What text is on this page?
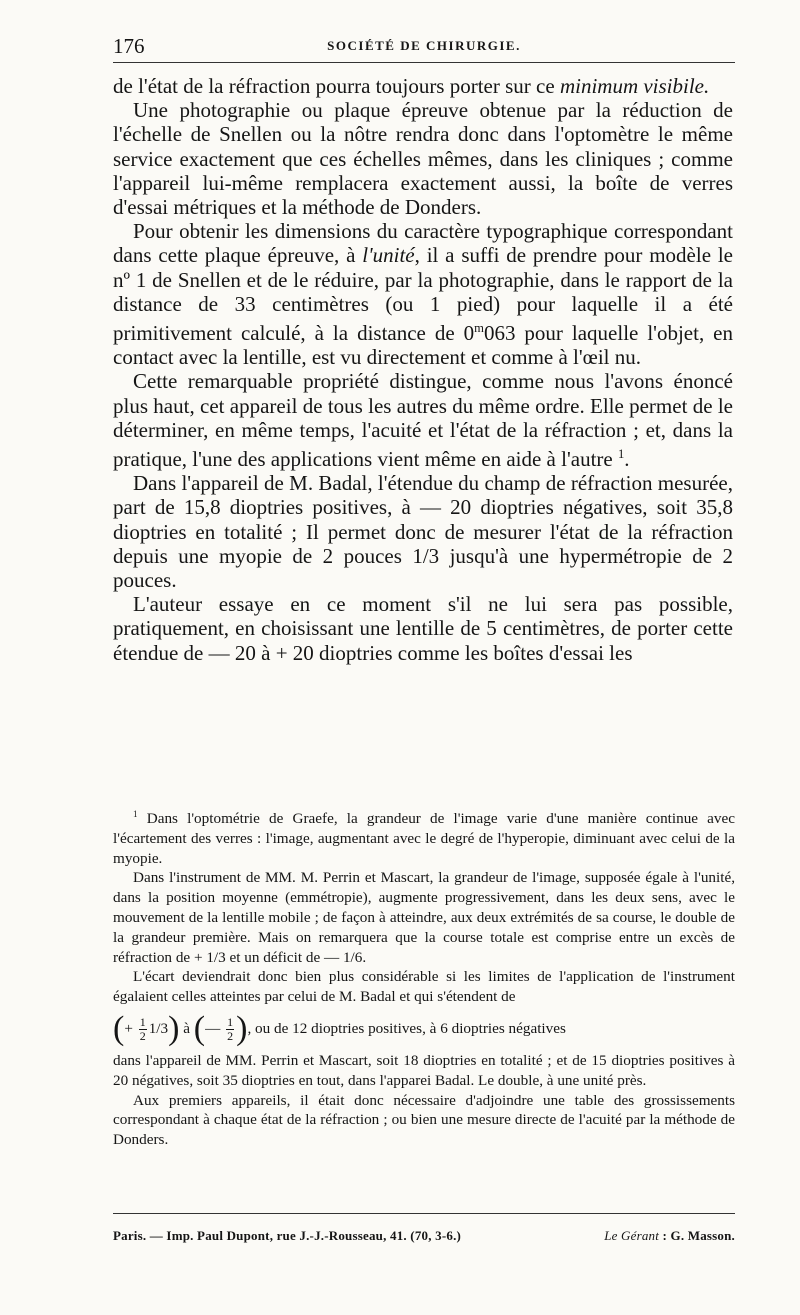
176	SOCIÉTÉ DE CHIRURGIE.

de l'état de la réfraction pourra toujours porter sur ce minimum visibile.

Une photographie ou plaque épreuve obtenue par la réduction de l'échelle de Snellen ou la nôtre rendra donc dans l'optomètre le même service exactement que ces échelles mêmes, dans les cliniques ; comme l'appareil lui-même remplacera exactement aussi, la boîte de verres d'essai métriques et la méthode de Donders.

Pour obtenir les dimensions du caractère typographique correspondant dans cette plaque épreuve, à l'unité, il a suffi de prendre pour modèle le nº 1 de Snellen et de le réduire, par la photographie, dans le rapport de la distance de 33 centimètres (ou 1 pied) pour laquelle il a été primitivement calculé, à la distance de 0$^m$063 pour laquelle l'objet, en contact avec la lentille, est vu directement et comme à l'œil nu.

Cette remarquable propriété distingue, comme nous l'avons énoncé plus haut, cet appareil de tous les autres du même ordre. Elle permet de le déterminer, en même temps, l'acuité et l'état de la réfraction ; et, dans la pratique, l'une des applications vient même en aide à l'autre $^1$.

Dans l'appareil de M. Badal, l'étendue du champ de réfraction mesurée, part de 15,8 dioptries positives, à — 20 dioptries négatives, soit 35,8 dioptries en totalité ; Il permet donc de mesurer l'état de la réfraction depuis une myopie de 2 pouces 1/3 jusqu'à une hypermétropie de 2 pouces.

L'auteur essaye en ce moment s'il ne lui sera pas possible, pratiquement, en choisissant une lentille de 5 centimètres, de porter cette étendue de — 20 à + 20 dioptries comme les boîtes d'essai les

$^1$ Dans l'optométrie de Graefe, la grandeur de l'image varie d'une manière continue avec l'écartement des verres : l'image, augmentant avec le degré de l'hyperopie, diminuant avec celui de la myopie.

Dans l'instrument de MM. M. Perrin et Mascart, la grandeur de l'image, supposée égale à l'unité, dans la position moyenne (emmétropie), augmente progressivement, dans les deux sens, avec le mouvement de la lentille mobile ; de façon à atteindre, aux deux extrémités de sa course, le double de la grandeur première. Mais on remarquera que la course totale est comprise entre un excès de réfraction de + 1/3 et un déficit de — 1/6.

L'écart deviendrait donc bien plus considérable si les limites de l'application de l'instrument égalaient celles atteintes par celui de M. Badal et qui s'étendent de

( + $\frac{1}{2} 1/3$ )
à
( — $\frac{1}{2}$ ) , ou de 12 dioptries positives, à 6 dioptries négatives

dans l'appareil de MM. Perrin et Mascart, soit 18 dioptries en totalité ; et de 15 dioptries positives à 20 négatives, soit 35 dioptries en tout, dans l'apparei Badal. Le double, à une unité près.

Aux premiers appareils, il était donc nécessaire d'adjoindre une table des grossissements correspondant à chaque état de la réfraction ; ou bien une mesure directe de l'acuité par la méthode de Donders.

Paris. — Imp. Paul Dupont, rue J.-J.-Rousseau, 41. (70, 3-6.)	Le Gérant : G. Masson.
